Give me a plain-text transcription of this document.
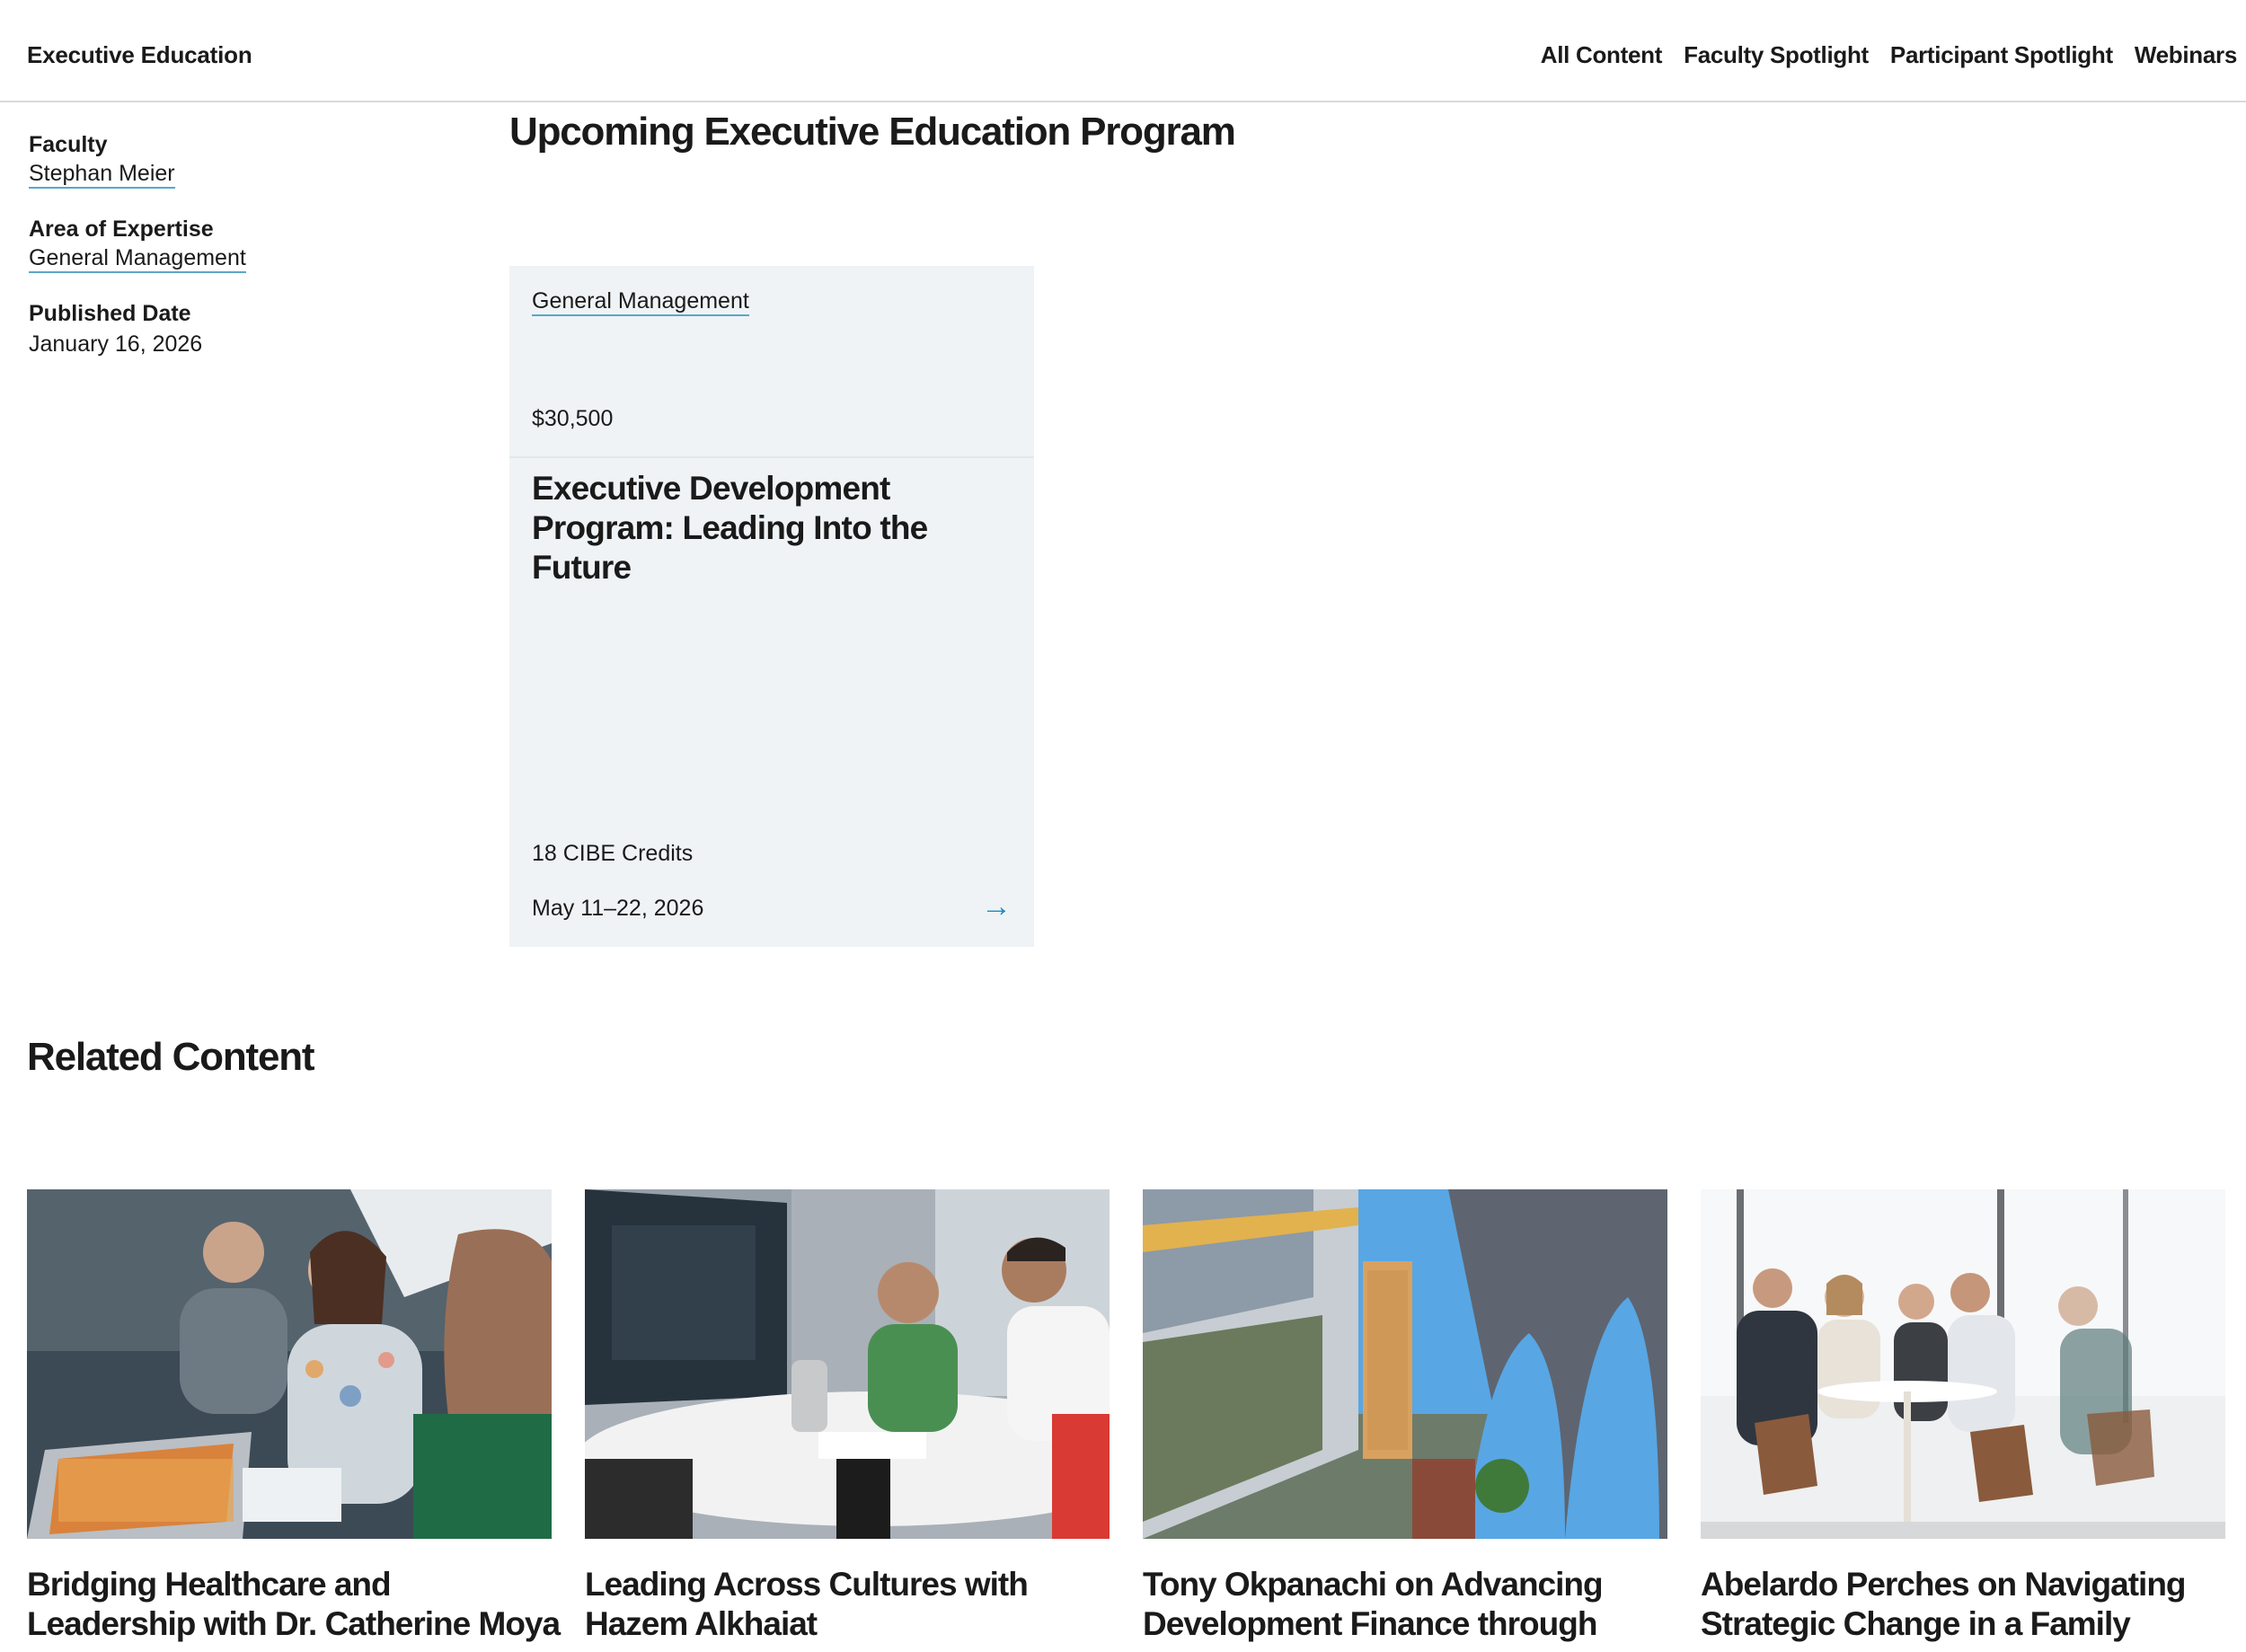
Executive Education	All Content Faculty Spotlight Participant Spotlight Webinars
Faculty
Stephan Meier
Area of Expertise
General Management
Published Date
January 16, 2026
Upcoming Executive Education Program
General Management
$30,500
Executive Development Program: Leading Into the Future
18 CIBE Credits
May 11–22, 2026	→
Related Content
Bridging Healthcare and Leadership with Dr. Catherine Moya
Leading Across Cultures with Hazem Alkhaiat
Tony Okpanachi on Advancing Development Finance through
Abelardo Perches on Navigating Strategic Change in a Family
